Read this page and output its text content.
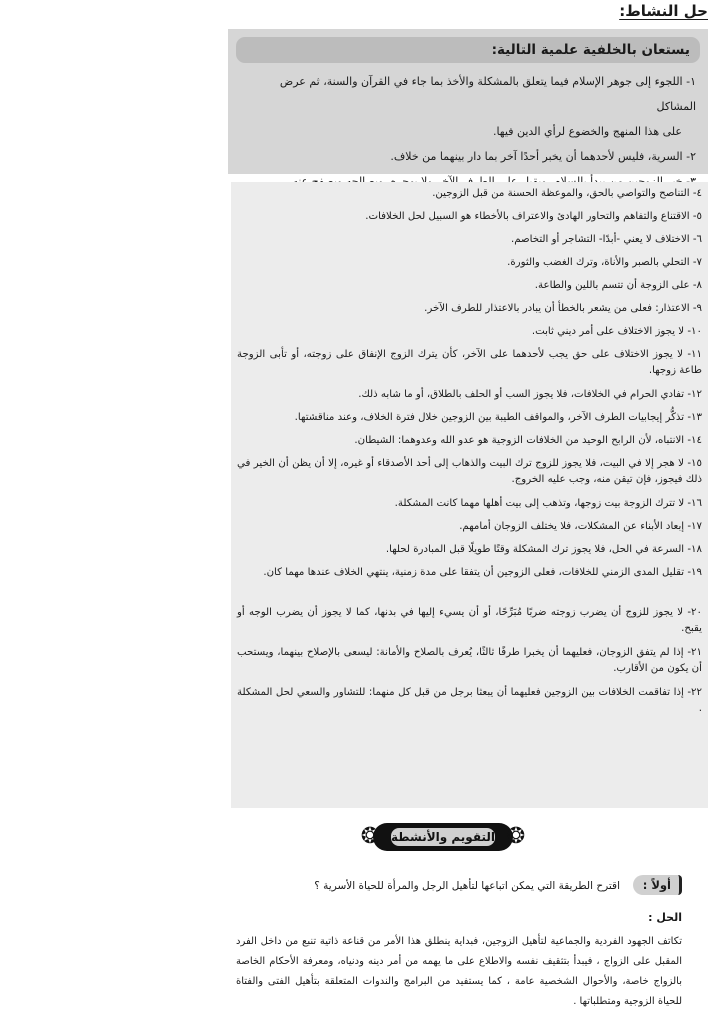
حل النشاط:
يستعان بالخلفية علمية التالية:
١- اللجوء إلى جوهر الإسلام فيما يتعلق بالمشكلة والأخذ بما جاء في القرآن والسنة، ثم عرض المشاكل
على هذا المنهج والخضوع لرأي الدين فيها.
٢- السرية، فليس لأحدهما أن يخبر أحدًا آخر بما دار بينهما من خلاف.
٤- التناصح والتواصي بالحق، والموعظة الحسنة من قبل الزوجين.
٥- الاقتناع والتفاهم والتحاور الهادئ والاعتراف بالأخطاء هو السبيل لحل الخلافات.
٦- الاختلاف لا يعني -أبدًا- التشاجر أو التخاصم.
٧- التحلي بالصبر والأناة، وترك الغضب والثورة.
٨- على الزوجة أن تتسم باللين والطاعة.
٩- الاعتذار: فعلى من يشعر بالخطأ أن يبادر بالاعتذار للطرف الآخر.
١٠- لا يجوز الاختلاف على أمر ديني ثابت.
١١- لا يجوز الاختلاف على حق يجب لأحدهما على الآخر، كأن يترك الزوج الإنفاق على زوجته، أو تأبى الزوجة طاعة زوجها.
١٢- تفادي الحرام في الخلافات، فلا يجوز السب أو الحلف بالطلاق، أو ما شابه ذلك.
١٣- تذكُّر إيجابيات الطرف الآخر، والمواقف الطيبة بين الزوجين خلال فترة الخلاف، وعند مناقشتها.
١٤- الانتباه، لأن الرابح الوحيد من الخلافات الزوجية هو عدو الله وعدوهما: الشيطان.
١٥- لا هجر إلا في البيت، فلا يجوز للزوج ترك البيت والذهاب إلى أحد الأصدقاء أو غيره، إلا أن يظن أن الخير في ذلك فيجوز، فإن تيقن منه، وجب عليه الخروج.
١٦- لا تترك الزوجة بيت زوجها، وتذهب إلى بيت أهلها مهما كانت المشكلة.
١٧- إبعاد الأبناء عن المشكلات، فلا يختلف الزوجان أمامهم.
١٨- السرعة في الحل، فلا يجوز ترك المشكلة وقتًا طويلًا قبل المبادرة لحلها.
١٩- تقليل المدى الزمني للخلافات، فعلى الزوجين أن يتفقا على مدة زمنية، ينتهي الخلاف عندها مهما كان.
٢٠- لا يجوز للزوج أن يضرب زوجته ضربًا مُبَرِّحًا، أو أن يسيء إليها في بدنها، كما لا يجوز أن يضرب الوجه أو يقبح.
٢١- إذا لم يتفق الزوجان، فعليهما أن يخبرا طرفًا ثالثًا، يُعرف بالصلاح والأمانة: ليسعى بالإصلاح بينهما، ويستحب أن يكون من الأقارب.
٢٢- إذا تفاقمت الخلافات بين الزوجين فعليهما أن يبعثا برجل من قبل كل منهما: للتشاور والسعي لحل المشكلة .
❂
❂ التقويم والأنشطة
أولاً :
اقترح الطريقة التي يمكن اتباعها لتأهيل الرجل والمرأة للحياة الأسرية ؟

الحل :

تكاتف الجهود الفردية والجماعية لتأهيل الزوجين، فبداية ينطلق هذا الأمر من قناعة ذاتية تنبع من داخل الفرد المقبل على الزواج ، فيبدأ بتثقيف نفسه والاطلاع على ما يهمه من أمر دينه ودنياه، ومعرفة الأحكام الخاصة بالزواج خاصة، والأحوال الشخصية عامة ، كما يستفيد من البرامج والندوات المتعلقة بتأهيل الفتى والفتاة للحياة الزوجية ومتطلباتها .
